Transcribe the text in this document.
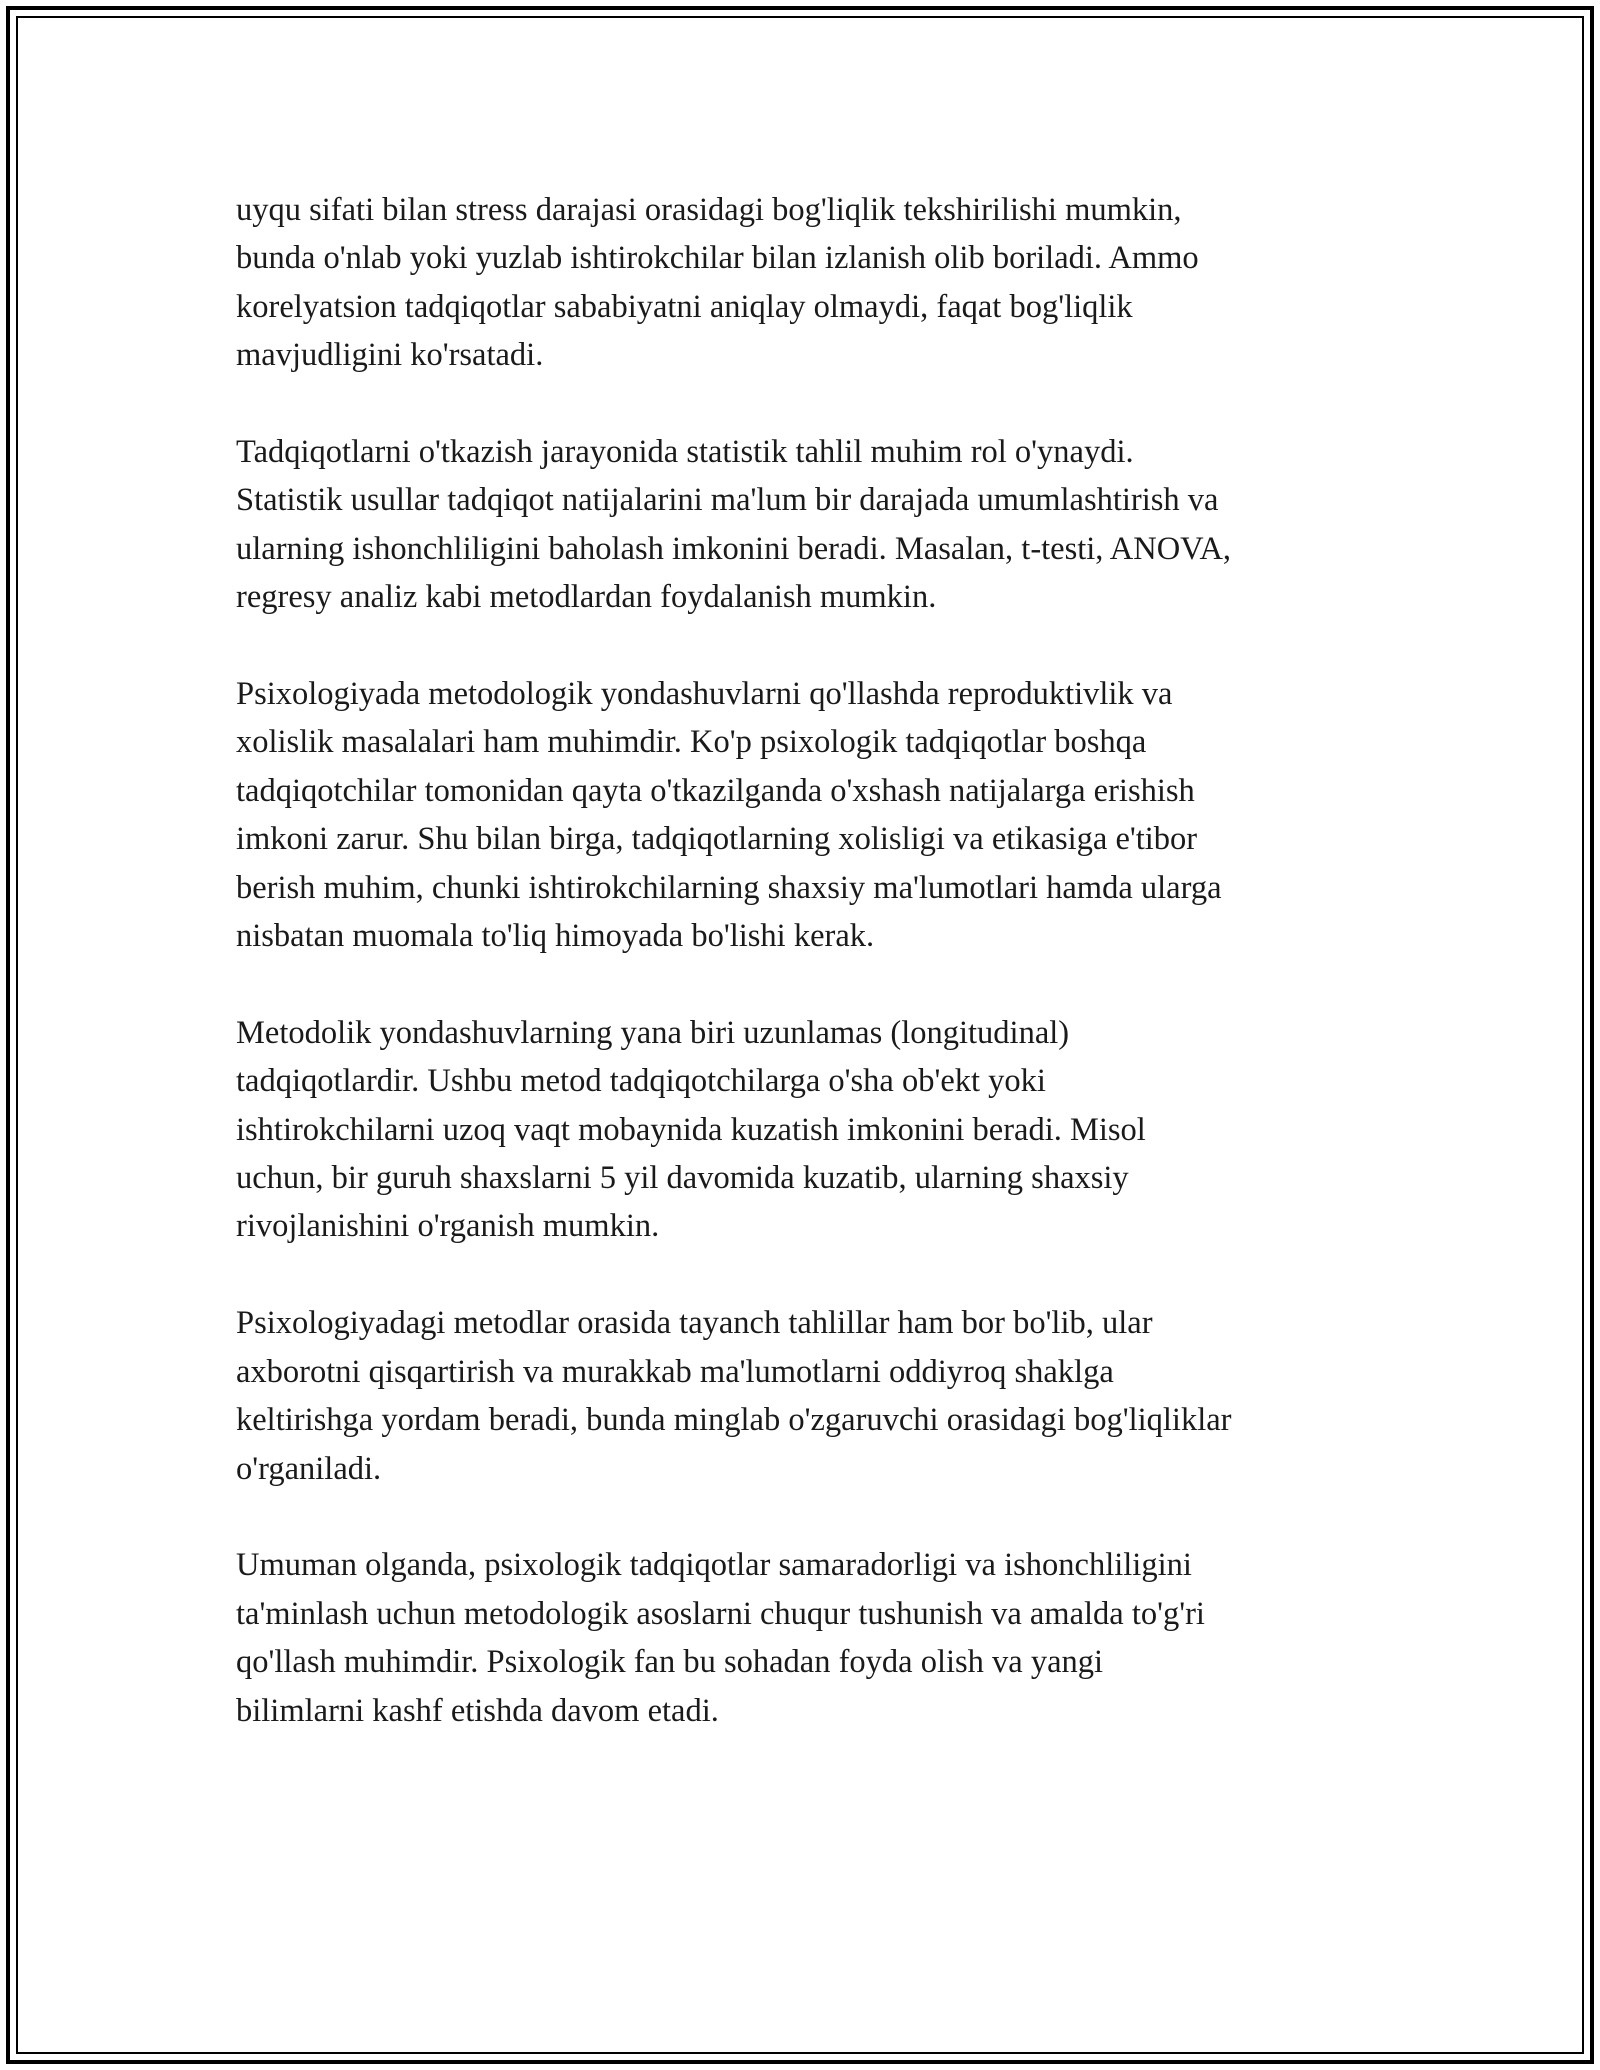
uyqu sifati bilan stress darajasi orasidagi bog'liqlik tekshirilishi mumkin,
bunda o'nlab yoki yuzlab ishtirokchilar bilan izlanish olib boriladi. Ammo
korelyatsion tadqiqotlar sababiyatni aniqlay olmaydi, faqat bog'liqlik
mavjudligini ko'rsatadi.

Tadqiqotlarni o'tkazish jarayonida statistik tahlil muhim rol o'ynaydi.
Statistik usullar tadqiqot natijalarini ma'lum bir darajada umumlashtirish va
ularning ishonchliligini baholash imkonini beradi. Masalan, t-testi, ANOVA,
regresy analiz kabi metodlardan foydalanish mumkin.

Psixologiyada metodologik yondashuvlarni qo'llashda reproduktivlik va
xolislik masalalari ham muhimdir. Ko'p psixologik tadqiqotlar boshqa
tadqiqotchilar tomonidan qayta o'tkazilganda o'xshash natijalarga erishish
imkoni zarur. Shu bilan birga, tadqiqotlarning xolisligi va etikasiga e'tibor
berish muhim, chunki ishtirokchilarning shaxsiy ma'lumotlari hamda ularga
nisbatan muomala to'liq himoyada bo'lishi kerak.

Metodolik yondashuvlarning yana biri uzunlamas (longitudinal)
tadqiqotlardir. Ushbu metod tadqiqotchilarga o'sha ob'ekt yoki
ishtirokchilarni uzoq vaqt mobaynida kuzatish imkonini beradi. Misol
uchun, bir guruh shaxslarni 5 yil davomida kuzatib, ularning shaxsiy
rivojlanishini o'rganish mumkin.

Psixologiyadagi metodlar orasida tayanch tahlillar ham bor bo'lib, ular
axborotni qisqartirish va murakkab ma'lumotlarni oddiyroq shaklga
keltirishga yordam beradi, bunda minglab o'zgaruvchi orasidagi bog'liqliklar
o'rganiladi.

Umuman olganda, psixologik tadqiqotlar samaradorligi va ishonchliligini
ta'minlash uchun metodologik asoslarni chuqur tushunish va amalda to'g'ri
qo'llash muhimdir. Psixologik fan bu sohadan foyda olish va yangi
bilimlarni kashf etishda davom etadi.
